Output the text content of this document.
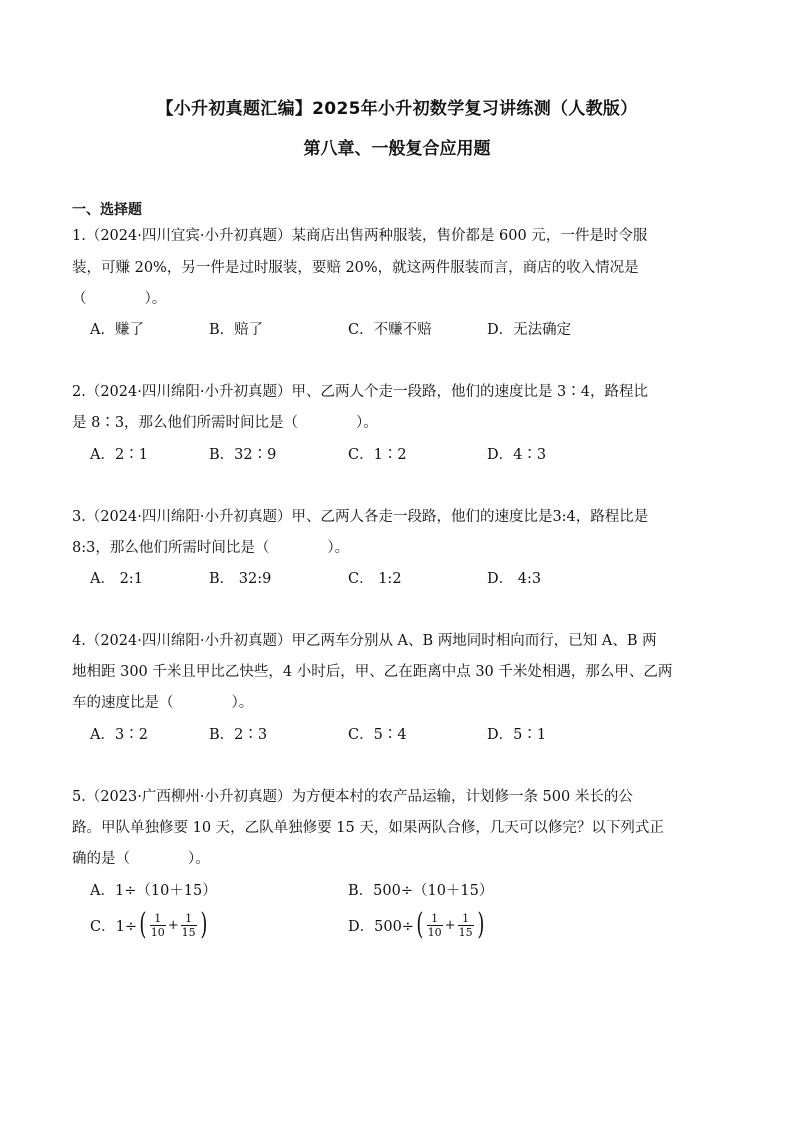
【小升初真题汇编】2025年小升初数学复习讲练测（人教版）
第八章、一般复合应用题
一、选择题
1.（2024·四川宜宾·小升初真题）某商店出售两种服装，售价都是 600 元，一件是时令服
装，可赚 20%，另一件是过时服装，要赔 20%，就这两件服装而言，商店的收入情况是
（　　　　）。
A．赚了	B．赔了	C．不赚不赔	D．无法确定
2.（2024·四川绵阳·小升初真题）甲、乙两人个走一段路，他们的速度比是 3∶4，路程比
是 8∶3，那么他们所需时间比是（　　　　）。
A．2∶1	B．32∶9	C．1∶2	D．4∶3
3.（2024·四川绵阳·小升初真题）甲、乙两人各走一段路，他们的速度比是3:4，路程比是
8:3，那么他们所需时间比是（　　　　）。
A． 2:1	B． 32:9	C． 1:2	D． 4:3
4.（2024·四川绵阳·小升初真题）甲乙两车分别从 A、B 两地同时相向而行，已知 A、B 两
地相距 300 千米且甲比乙快些，4 小时后，甲、乙在距离中点 30 千米处相遇，那么甲、乙两
车的速度比是（　　　　）。
A．3∶2	B．2∶3	C．5∶4	D．5∶1
5.（2023·广西柳州·小升初真题）为方便本村的农产品运输，计划修一条 500 米长的公
路。甲队单独修要 10 天，乙队单独修要 15 天，如果两队合修，几天可以修完？以下列式正
确的是（　　　　）。
A．1÷（10＋15）	B．500÷（10＋15）
C．1÷ ( $\frac{1}{10} + \frac{1}{15}$ )	D．500÷ ( $\frac{1}{10} + \frac{1}{15}$ )
